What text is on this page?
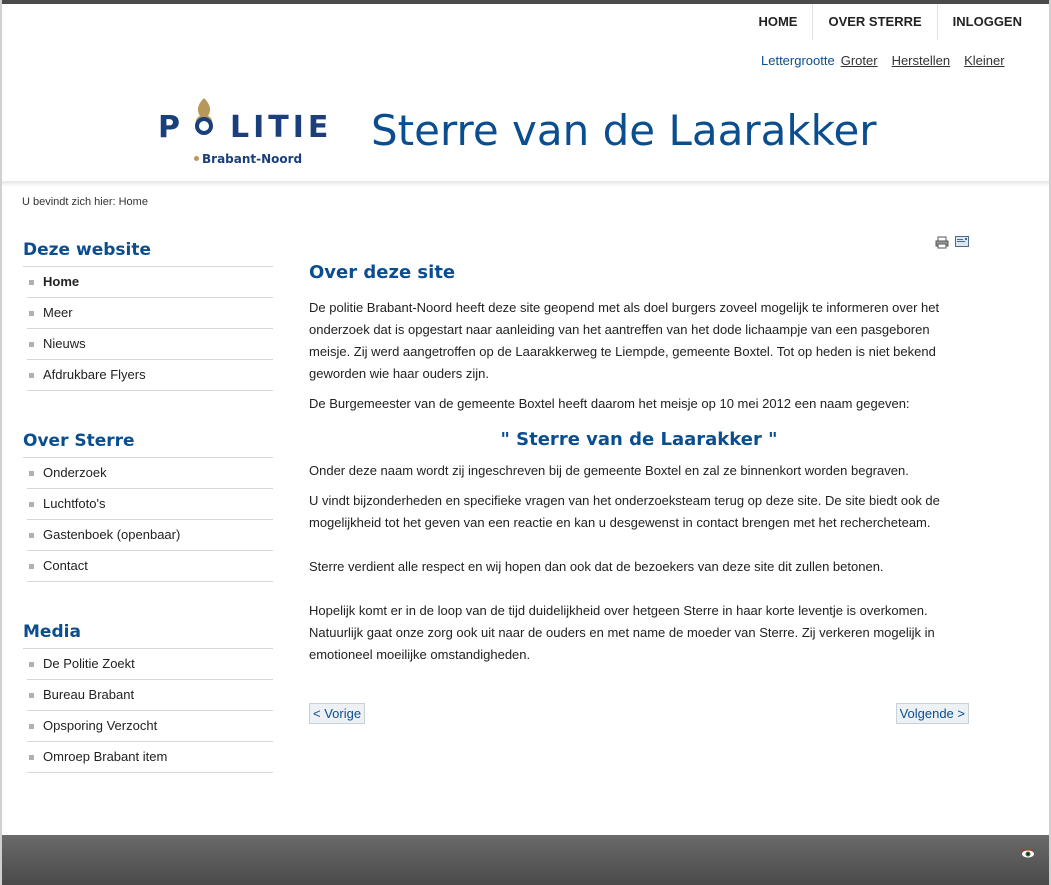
HOME	OVER STERRE	INLOGGEN
Lettergrootte Groter Herstellen Kleiner
P LITIE
Brabant-Noord
Sterre van de Laarakker
U bevindt zich hier: Home
Deze website
Home
Meer
Nieuws
Afdrukbare Flyers
Over Sterre
Onderzoek
Luchtfoto's
Gastenboek (openbaar)
Contact
Media
De Politie Zoekt
Bureau Brabant
Opsporing Verzocht
Omroep Brabant item
Over deze site

De politie Brabant-Noord heeft deze site geopend met als doel burgers zoveel mogelijk te informeren over het onderzoek dat is opgestart naar aanleiding van het aantreffen van het dode lichaampje van een pasgeboren meisje. Zij werd aangetroffen op de Laarakkerweg te Liempde, gemeente Boxtel. Tot op heden is niet bekend geworden wie haar ouders zijn.

De Burgemeester van de gemeente Boxtel heeft daarom het meisje op 10 mei 2012 een naam gegeven:

" Sterre van de Laarakker "

Onder deze naam wordt zij ingeschreven bij de gemeente Boxtel en zal ze binnenkort worden begraven.

U vindt bijzonderheden en specifieke vragen van het onderzoeksteam terug op deze site. De site biedt ook de mogelijkheid tot het geven van een reactie en kan u desgewenst in contact brengen met het rechercheteam.

Sterre verdient alle respect en wij hopen dan ook dat de bezoekers van deze site dit zullen betonen.

Hopelijk komt er in de loop van de tijd duidelijkheid over hetgeen Sterre in haar korte leventje is overkomen. Natuurlijk gaat onze zorg ook uit naar de ouders en met name de moeder van Sterre. Zij verkeren mogelijk in emotioneel moeilijke omstandigheden.

< Vorige	Volgende >
